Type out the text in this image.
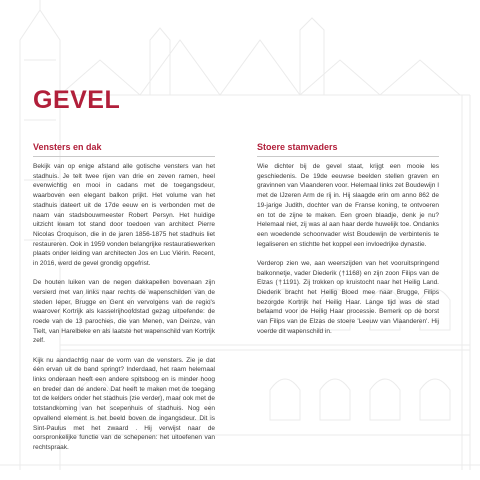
GEVEL
Vensters en dak

Bekijk van op enige afstand alle gotische vensters van het stadhuis. Je telt twee rijen van drie en zeven ramen, heel evenwichtig en mooi in cadans met de toegangsdeur, waarboven een elegant balkon prijkt. Het volume van het stadhuis dateert uit de 17de eeuw en is verbonden met de naam van stadsbouwmeester Robert Persyn. Het huidige uitzicht kwam tot stand door toedoen van architect Pierre Nicolas Croquison, die in de jaren 1856-1875 het stadhuis liet restaureren. Ook in 1959 vonden belangrijke restauratiewerken plaats onder leiding van architecten Jos en Luc Viérin. Recent, in 2016, werd de gevel grondig opgefrist.

De houten luiken van de negen dakkapellen bovenaan zijn versierd met van links naar rechts de wapenschilden van de steden Ieper, Brugge en Gent en vervolgens van de regio's waarover Kortrijk als kasselrijhoofdstad gezag uitoefende: de roede van de 13 parochies, die van Menen, van Deinze, van Tielt, van Harelbeke en als laatste het wapenschild van Kortrijk zelf.

Kijk nu aandachtig naar de vorm van de vensters. Zie je dat één ervan uit de band springt? Inderdaad, het raam helemaal links onderaan heeft een andere spitsboog en is minder hoog en breder dan de andere. Dat heeft te maken met de toegang tot de kelders onder het stadhuis (zie verder), maar ook met de totstandkoming van het scepenhuis of stadhuis. Nog een opvallend element is het beeld boven de ingangsdeur. Dit is Sint-Paulus met het zwaard . Hij verwijst naar de oorspronkelijke functie van de schepenen: het uitoefenen van rechtspraak.

Stoere stamvaders

Wie dichter bij de gevel staat, krijgt een mooie les geschiedenis. De 19de eeuwse beelden stellen graven en gravinnen van Vlaanderen voor. Helemaal links zet Boudewijn I met de IJzeren Arm de rij in. Hij slaagde erin om anno 862 de 19-jarige Judith, dochter van de Franse koning, te ontvoeren en tot de zijne te maken. Een groen blaadje, denk je nu? Helemaal niet, zij was al aan haar derde huwelijk toe. Ondanks een woedende schoonvader wist Boudewijn de verbintenis te legaliseren en stichtte het koppel een invloedrijke dynastie.

Verderop zien we, aan weerszijden van het vooruitspringend balkonnetje, vader Diederik (†1168) en zijn zoon Filips van de Elzas (†1191). Zij trokken op kruistocht naar het Heilig Land. Diederik bracht het Heilig Bloed mee naar Brugge, Filips bezorgde Kortrijk het Heilig Haar. Lange tijd was de stad befaamd voor de Heilig Haar processie. Bemerk op de borst van Filips van de Elzas de stoere 'Leeuw van Vlaanderen'. Hij voerde dit wapenschild in.
